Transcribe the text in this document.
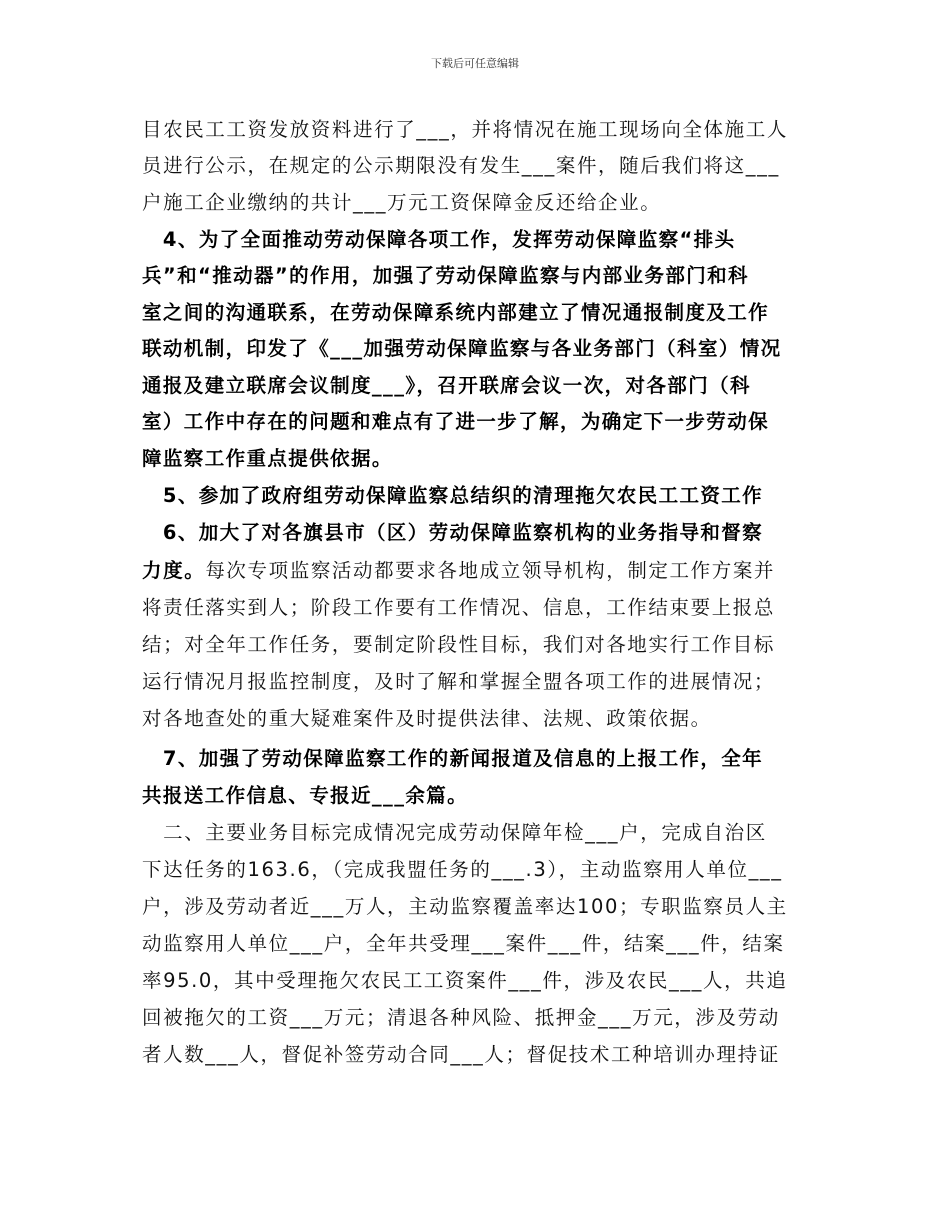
下载后可任意编辑
目农民工工资发放资料进行了___，并将情况在施工现场向全体施工人
员进行公示，在规定的公示期限没有发生___案件，随后我们将这___
户施工企业缴纳的共计___万元工资保障金反还给企业。
　4、为了全面推动劳动保障各项工作，发挥劳动保障监察“排头
兵”和“推动器”的作用，加强了劳动保障监察与内部业务部门和科
室之间的沟通联系，在劳动保障系统内部建立了情况通报制度及工作
联动机制，印发了《___加强劳动保障监察与各业务部门（科室）情况
通报及建立联席会议制度___》，召开联席会议一次，对各部门（科
室）工作中存在的问题和难点有了进一步了解，为确定下一步劳动保
障监察工作重点提供依据。
　5、参加了政府组劳动保障监察总结织的清理拖欠农民工工资工作
　6、加大了对各旗县市（区）劳动保障监察机构的业务指导和督察
力度。每次专项监察活动都要求各地成立领导机构，制定工作方案并
将责任落实到人；阶段工作要有工作情况、信息，工作结束要上报总
结；对全年工作任务，要制定阶段性目标，我们对各地实行工作目标
运行情况月报监控制度，及时了解和掌握全盟各项工作的进展情况；
对各地查处的重大疑难案件及时提供法律、法规、政策依据。
　7、加强了劳动保障监察工作的新闻报道及信息的上报工作，全年
共报送工作信息、专报近___余篇。
　二、主要业务目标完成情况完成劳动保障年检___户，完成自治区
下达任务的163.6，（完成我盟任务的___.3），主动监察用人单位___
户，涉及劳动者近___万人，主动监察覆盖率达100；专职监察员人主
动监察用人单位___户，全年共受理___案件___件，结案___件，结案
率95.0，其中受理拖欠农民工工资案件___件，涉及农民___人，共追
回被拖欠的工资___万元；清退各种风险、抵押金___万元，涉及劳动
者人数___人，督促补签劳动合同___人；督促技术工种培训办理持证
